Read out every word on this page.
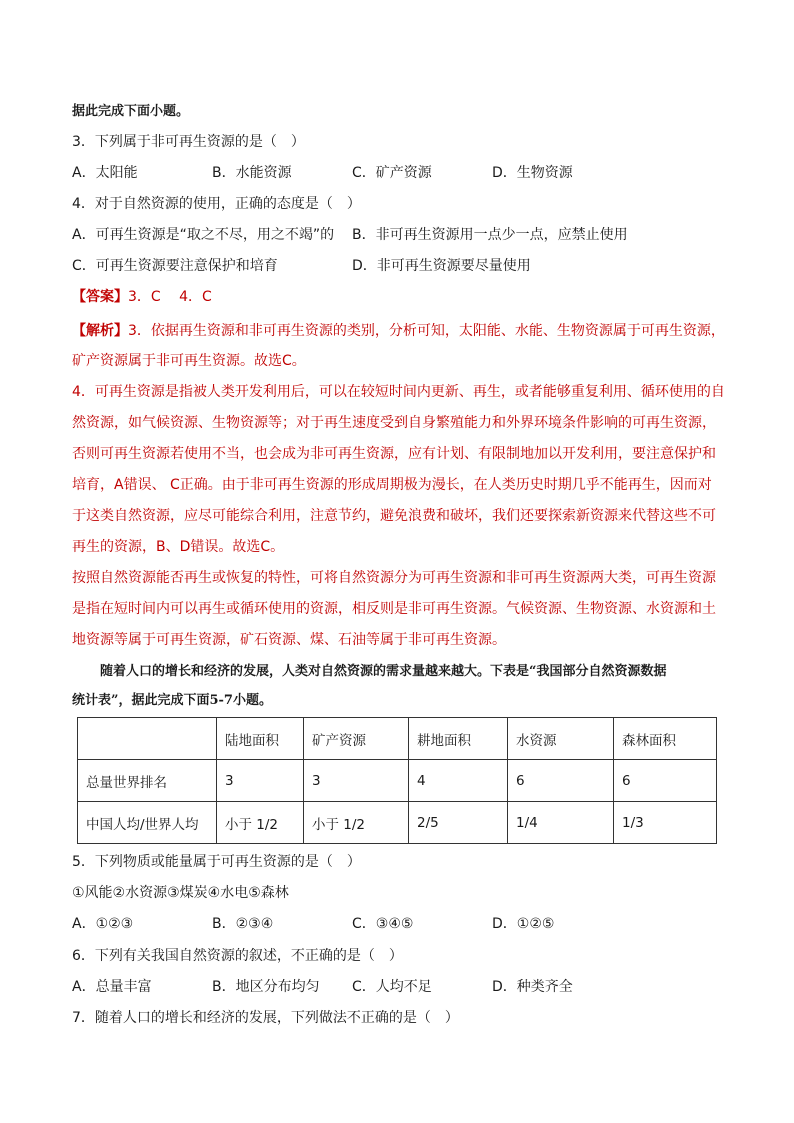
据此完成下面小题。
3．下列属于非可再生资源的是（　）
A．太阳能	B．水能资源	C．矿产资源	D．生物资源
4．对于自然资源的使用，正确的态度是（　）
A．可再生资源是“取之不尽，用之不竭”的 B．非可再生资源用一点少一点，应禁止使用
C．可再生资源要注意保护和培育	D．非可再生资源要尽量使用
【答案】3．C　 4．C
【解析】3．依据再生资源和非可再生资源的类别，分析可知，太阳能、水能、生物资源属于可再生资源，
矿产资源属于非可再生资源。故选C。
4．可再生资源是指被人类开发利用后，可以在较短时间内更新、再生，或者能够重复利用、循环使用的自
然资源，如气候资源、生物资源等；对于再生速度受到自身繁殖能力和外界环境条件影响的可再生资源，
否则可再生资源若使用不当，也会成为非可再生资源，应有计划、有限制地加以开发利用，要注意保护和
培育，A错误、 C正确。由于非可再生资源的形成周期极为漫长，在人类历史时期几乎不能再生，因而对
于这类自然资源，应尽可能综合利用，注意节约，避免浪费和破坏，我们还要探索新资源来代替这些不可
再生的资源，B、D错误。故选C。
按照自然资源能否再生或恢复的特性，可将自然资源分为可再生资源和非可再生资源两大类，可再生资源
是指在短时间内可以再生或循环使用的资源，相反则是非可再生资源。气候资源、生物资源、水资源和土
地资源等属于可再生资源，矿石资源、煤、石油等属于非可再生资源。
随着人口的增长和经济的发展，人类对自然资源的需求量越来越大。下表是“我国部分自然资源数据
统计表”，据此完成下面5-7小题。
	陆地面积	矿产资源	耕地面积	水资源	森林面积
总量世界排名	3	3	4	6	6
中国人均/世界人均	小于 1/2	小于 1/2	2/5	1/4	1/3
5．下列物质或能量属于可再生资源的是（　）
①风能②水资源③煤炭④水电⑤森林
A．①②③	B．②③④	C．③④⑤	D．①②⑤
6．下列有关我国自然资源的叙述，不正确的是（　）
A．总量丰富	B．地区分布均匀 C．人均不足	D．种类齐全
7．随着人口的增长和经济的发展，下列做法不正确的是（　）
